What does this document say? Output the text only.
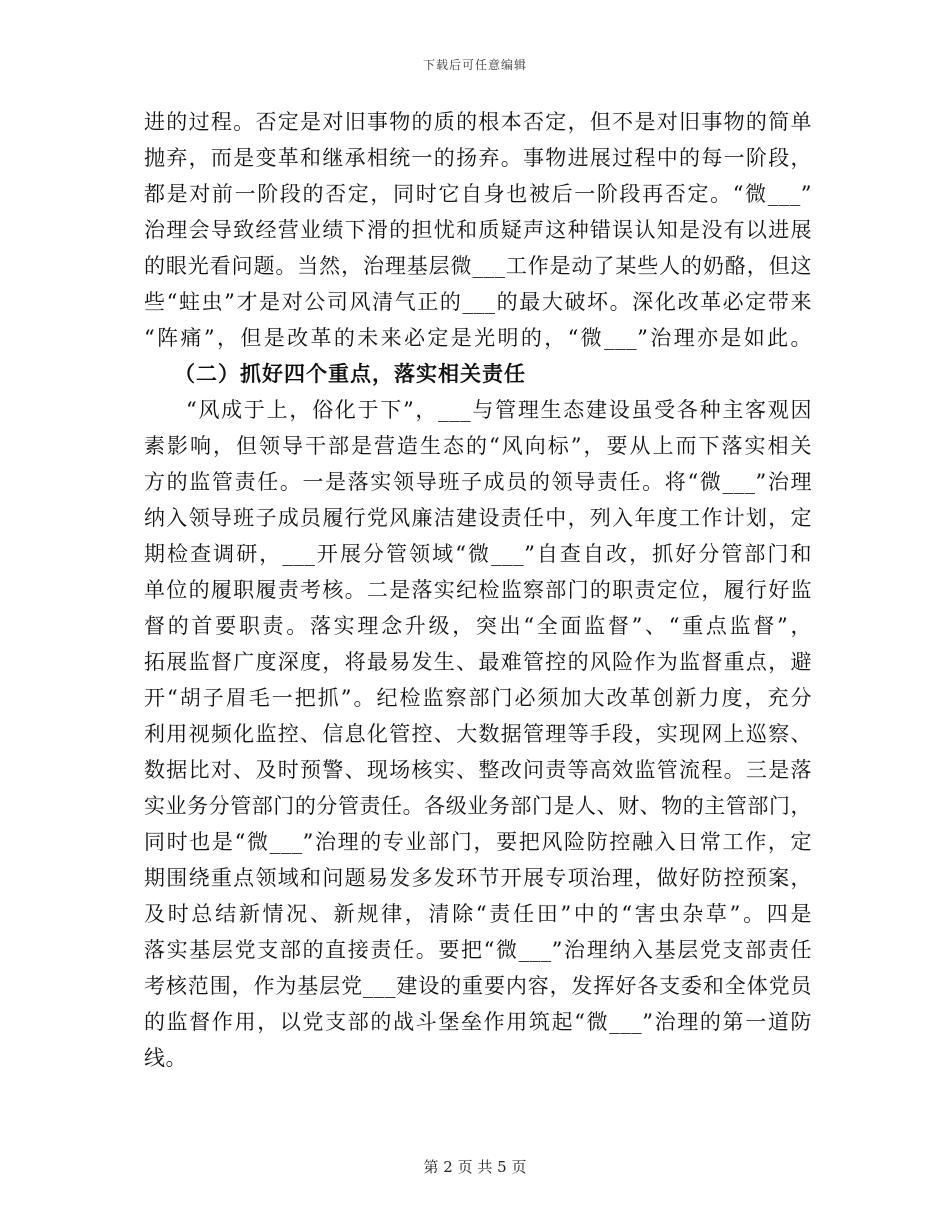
下载后可任意编辑
进的过程。否定是对旧事物的质的根本否定，但不是对旧事物的简单
抛弃，而是变革和继承相统一的扬弃。事物进展过程中的每一阶段，
都是对前一阶段的否定，同时它自身也被后一阶段再否定。“微___”
治理会导致经营业绩下滑的担忧和质疑声这种错误认知是没有以进展
的眼光看问题。当然，治理基层微___工作是动了某些人的奶酪，但这
些“蛀虫”才是对公司风清气正的___的最大破坏。深化改革必定带来
“阵痛”，但是改革的未来必定是光明的，“微___”治理亦是如此。
（二）抓好四个重点，落实相关责任
“风成于上，俗化于下”，___与管理生态建设虽受各种主客观因
素影响，但领导干部是营造生态的“风向标”，要从上而下落实相关
方的监管责任。一是落实领导班子成员的领导责任。将“微___”治理
纳入领导班子成员履行党风廉洁建设责任中，列入年度工作计划，定
期检查调研，___开展分管领域“微___”自查自改，抓好分管部门和
单位的履职履责考核。二是落实纪检监察部门的职责定位，履行好监
督的首要职责。落实理念升级，突出“全面监督”、“重点监督”，
拓展监督广度深度，将最易发生、最难管控的风险作为监督重点，避
开“胡子眉毛一把抓”。纪检监察部门必须加大改革创新力度，充分
利用视频化监控、信息化管控、大数据管理等手段，实现网上巡察、
数据比对、及时预警、现场核实、整改问责等高效监管流程。三是落
实业务分管部门的分管责任。各级业务部门是人、财、物的主管部门，
同时也是“微___”治理的专业部门，要把风险防控融入日常工作，定
期围绕重点领域和问题易发多发环节开展专项治理，做好防控预案，
及时总结新情况、新规律，清除“责任田”中的“害虫杂草”。四是
落实基层党支部的直接责任。要把“微___”治理纳入基层党支部责任
考核范围，作为基层党___建设的重要内容，发挥好各支委和全体党员
的监督作用，以党支部的战斗堡垒作用筑起“微___”治理的第一道防
线。
第 2 页 共 5 页
